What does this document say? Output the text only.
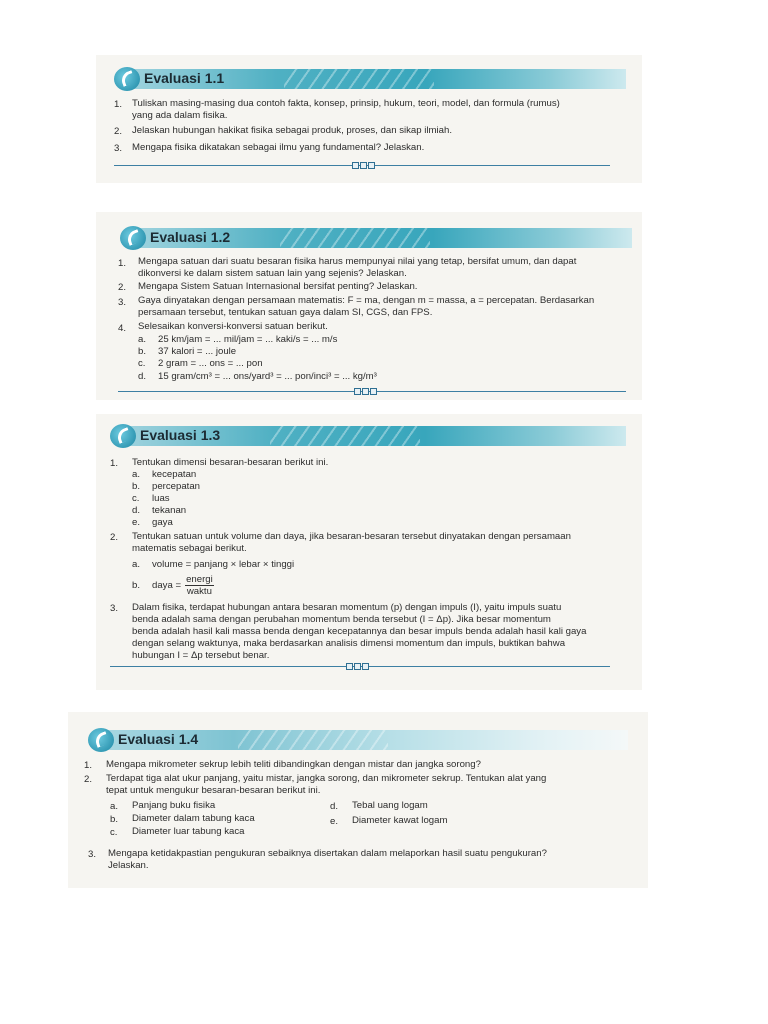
Evaluasi 1.1
1. Tuliskan masing-masing dua contoh fakta, konsep, prinsip, hukum, teori, model, dan formula (rumus)
yang ada dalam fisika.
2. Jelaskan hubungan hakikat fisika sebagai produk, proses, dan sikap ilmiah.
3. Mengapa fisika dikatakan sebagai ilmu yang fundamental? Jelaskan.
Evaluasi 1.2
1. Mengapa satuan dari suatu besaran fisika harus mempunyai nilai yang tetap, bersifat umum, dan dapat
dikonversi ke dalam sistem satuan lain yang sejenis? Jelaskan.
2. Mengapa Sistem Satuan Internasional bersifat penting? Jelaskan.
3. Gaya dinyatakan dengan persamaan matematis: F = ma, dengan m = massa, a = percepatan. Berdasarkan
persamaan tersebut, tentukan satuan gaya dalam SI, CGS, dan FPS.
4. Selesaikan konversi-konversi satuan berikut.
a. 25 km/jam = ... mil/jam = ... kaki/s = ... m/s
b. 37 kalori = ... joule
c. 2 gram = ... ons = ... pon
d. 15 gram/cm³ = ... ons/yard³ = ... pon/inci³ = ... kg/m³
Evaluasi 1.3
1. Tentukan dimensi besaran-besaran berikut ini.
a. kecepatan
b. percepatan
c. luas
d. tekanan
e. gaya
2. Tentukan satuan untuk volume dan daya, jika besaran-besaran tersebut dinyatakan dengan persamaan
matematis sebagai berikut.
a. volume = panjang × lebar × tinggi
b. daya = $\frac{\text{energi}}{\text{waktu}}$
3. Dalam fisika, terdapat hubungan antara besaran momentum (p) dengan impuls (I), yaitu impuls suatu
benda adalah sama dengan perubahan momentum benda tersebut (I = Δp). Jika besar momentum
benda adalah hasil kali massa benda dengan kecepatannya dan besar impuls benda adalah hasil kali gaya
dengan selang waktunya, maka berdasarkan analisis dimensi momentum dan impuls, buktikan bahwa
hubungan I = Δp tersebut benar.
Evaluasi 1.4
1. Mengapa mikrometer sekrup lebih teliti dibandingkan dengan mistar dan jangka sorong?
2. Terdapat tiga alat ukur panjang, yaitu mistar, jangka sorong, dan mikrometer sekrup. Tentukan alat yang
tepat untuk mengukur besaran-besaran berikut ini.
a. Panjang buku fisika
b. Diameter dalam tabung kaca
c. Diameter luar tabung kaca
d. Tebal uang logam
e. Diameter kawat logam
3. Mengapa ketidakpastian pengukuran sebaiknya disertakan dalam melaporkan hasil suatu pengukuran?
Jelaskan.
